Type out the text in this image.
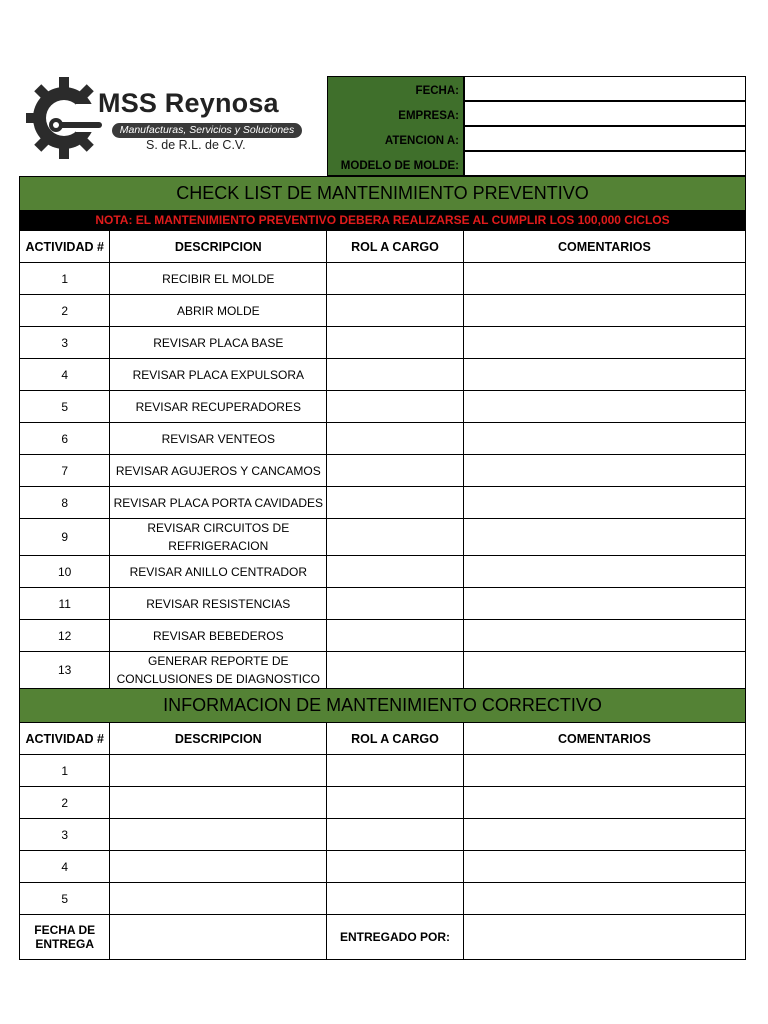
MSS Reynosa
Manufacturas, Servicios y Soluciones
S. de R.L. de C.V.
FECHA:
EMPRESA:
ATENCION A:
MODELO DE MOLDE:
CHECK LIST DE MANTENIMIENTO PREVENTIVO			
NOTA: EL MANTENIMIENTO PREVENTIVO DEBERA REALIZARSE AL CUMPLIR LOS 100,000 CICLOS			
ACTIVIDAD #	DESCRIPCION	ROL A CARGO	COMENTARIOS
1	RECIBIR EL MOLDE		
2	ABRIR MOLDE		
3	REVISAR PLACA BASE		
4	REVISAR PLACA EXPULSORA		
5	REVISAR RECUPERADORES		
6	REVISAR VENTEOS		
7	REVISAR AGUJEROS Y CANCAMOS		
8	REVISAR PLACA PORTA CAVIDADES		
9	REVISAR CIRCUITOS DE REFRIGERACION		
10	REVISAR ANILLO CENTRADOR		
11	REVISAR RESISTENCIAS		
12	REVISAR BEBEDEROS		
13	GENERAR REPORTE DE CONCLUSIONES DE DIAGNOSTICO		
INFORMACION DE MANTENIMIENTO CORRECTIVO			
ACTIVIDAD #	DESCRIPCION	ROL A CARGO	COMENTARIOS
1			
2			
3			
4			
5			
FECHA DE ENTREGA		ENTREGADO POR:	
